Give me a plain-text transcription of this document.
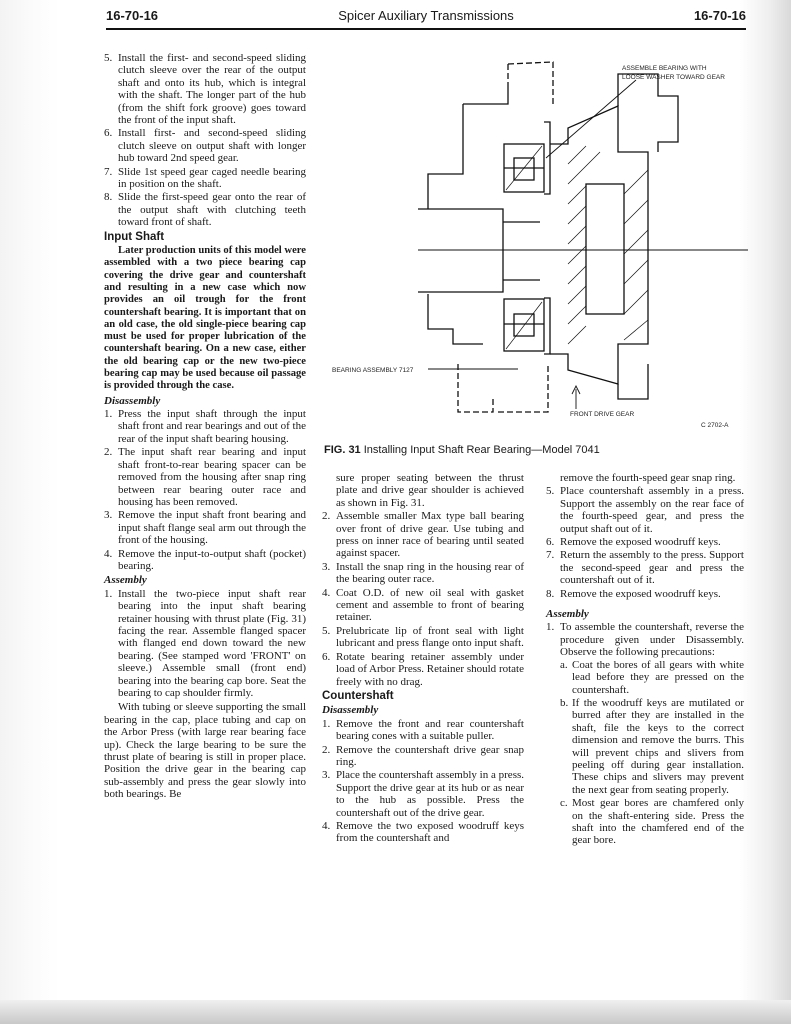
16-70-16	Spicer Auxiliary Transmissions	16-70-16
5. Install the first- and second-speed sliding clutch sleeve over the rear of the output shaft and onto its hub, which is integral with the shaft. The longer part of the hub (from the shift fork groove) goes toward the front of the input shaft.
6. Install first- and second-speed sliding clutch sleeve on output shaft with longer hub toward 2nd speed gear.
7. Slide 1st speed gear caged needle bearing in position on the shaft.
8. Slide the first-speed gear onto the rear of the output shaft with clutching teeth toward front of shaft.
Input Shaft

Later production units of this model were assembled with a two piece bearing cap covering the drive gear and countershaft and resulting in a new case which now provides an oil trough for the front countershaft bearing. It is important that on an old case, the old single-piece bearing cap must be used for proper lubrication of the countershaft bearing. On a new case, either the old bearing cap or the new two-piece bearing cap may be used because oil passage is provided through the case.

Disassembly
1. Press the input shaft through the input shaft front and rear bearings and out of the rear of the input shaft bearing housing.
2. The input shaft rear bearing and input shaft front-to-rear bearing spacer can be removed from the housing after snap ring between rear bearing outer race and housing has been removed.
3. Remove the input shaft front bearing and input shaft flange seal arm out through the front of the housing.
4. Remove the input-to-output shaft (pocket) bearing.
Assembly
1. Install the two-piece input shaft rear bearing into the input shaft bearing retainer housing with thrust plate (Fig. 31) facing the rear. Assemble flanged spacer with flanged end down toward the new bearing. (See stamped word 'FRONT' on sleeve.) Assemble small (front end) bearing into the bearing cap bore. Seat the bearing to cap shoulder firmly.

With tubing or sleeve supporting the small bearing in the cap, place tubing and cap on the Arbor Press (with large rear bearing face up). Check the large bearing to be sure the thrust plate of bearing is still in proper place. Position the drive gear in the bearing cap sub-assembly and press the gear slowly into both bearings. Be

ASSEMBLE BEARING WITH
LOOSE WASHER TOWARD GEAR
BEARING ASSEMBLY 7127
FRONT DRIVE GEAR
C 2702-A
FIG. 31 Installing Input Shaft Rear Bearing—Model 7041

sure proper seating between the thrust plate and drive gear shoulder is achieved as shown in Fig. 31.

2. Assemble smaller Max type ball bearing over front of drive gear. Use tubing and press on inner race of bearing until seated against spacer.
3. Install the snap ring in the housing rear of the bearing outer race.
4. Coat O.D. of new oil seal with gasket cement and assemble to front of bearing retainer.
5. Prelubricate lip of front seal with light lubricant and press flange onto input shaft.
6. Rotate bearing retainer assembly under load of Arbor Press. Retainer should rotate freely with no drag.
Countershaft
Disassembly
1. Remove the front and rear countershaft bearing cones with a suitable puller.
2. Remove the countershaft drive gear snap ring.
3. Place the countershaft assembly in a press. Support the drive gear at its hub or as near to the hub as possible. Press the countershaft out of the drive gear.
4. Remove the two exposed woodruff keys from the countershaft and

remove the fourth-speed gear snap ring.

5. Place countershaft assembly in a press. Support the assembly on the rear face of the fourth-speed gear, and press the output shaft out of it.
6. Remove the exposed woodruff keys.
7. Return the assembly to the press. Support the second-speed gear and press the countershaft out of it.
8. Remove the exposed woodruff keys.
Assembly
1. To assemble the countershaft, reverse the procedure given under Disassembly. Observe the following precautions:
a. Coat the bores of all gears with white lead before they are pressed on the countershaft.
b. If the woodruff keys are mutilated or burred after they are installed in the shaft, file the keys to the correct dimension and remove the burrs. This will prevent chips and slivers from peeling off during gear installation. These chips and slivers may prevent the next gear from seating properly.
c. Most gear bores are chamfered only on the shaft-entering side. Press the shaft into the chamfered end of the gear bore.
